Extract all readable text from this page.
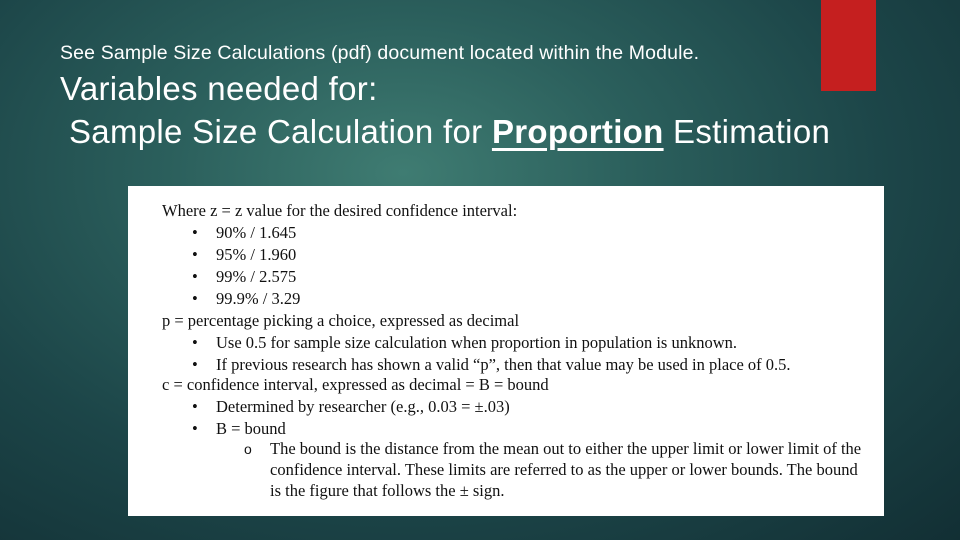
See Sample Size Calculations (pdf) document located within the Module.
Variables needed for:
Sample Size Calculation for Proportion Estimation
Where z = z value for the desired confidence interval:
• 90% / 1.645
• 95% / 1.960
• 99% / 2.575
• 99.9% / 3.29
p = percentage picking a choice, expressed as decimal
• Use 0.5 for sample size calculation when proportion in population is unknown.
• If previous research has shown a valid “p”, then that value may be used in place of 0.5.
c = confidence interval, expressed as decimal = B = bound
• Determined by researcher (e.g., 0.03 = ±.03)
• B = bound
o The bound is the distance from the mean out to either the upper limit or lower limit of the confidence interval. These limits are referred to as the upper or lower bounds. The bound is the figure that follows the ± sign.
